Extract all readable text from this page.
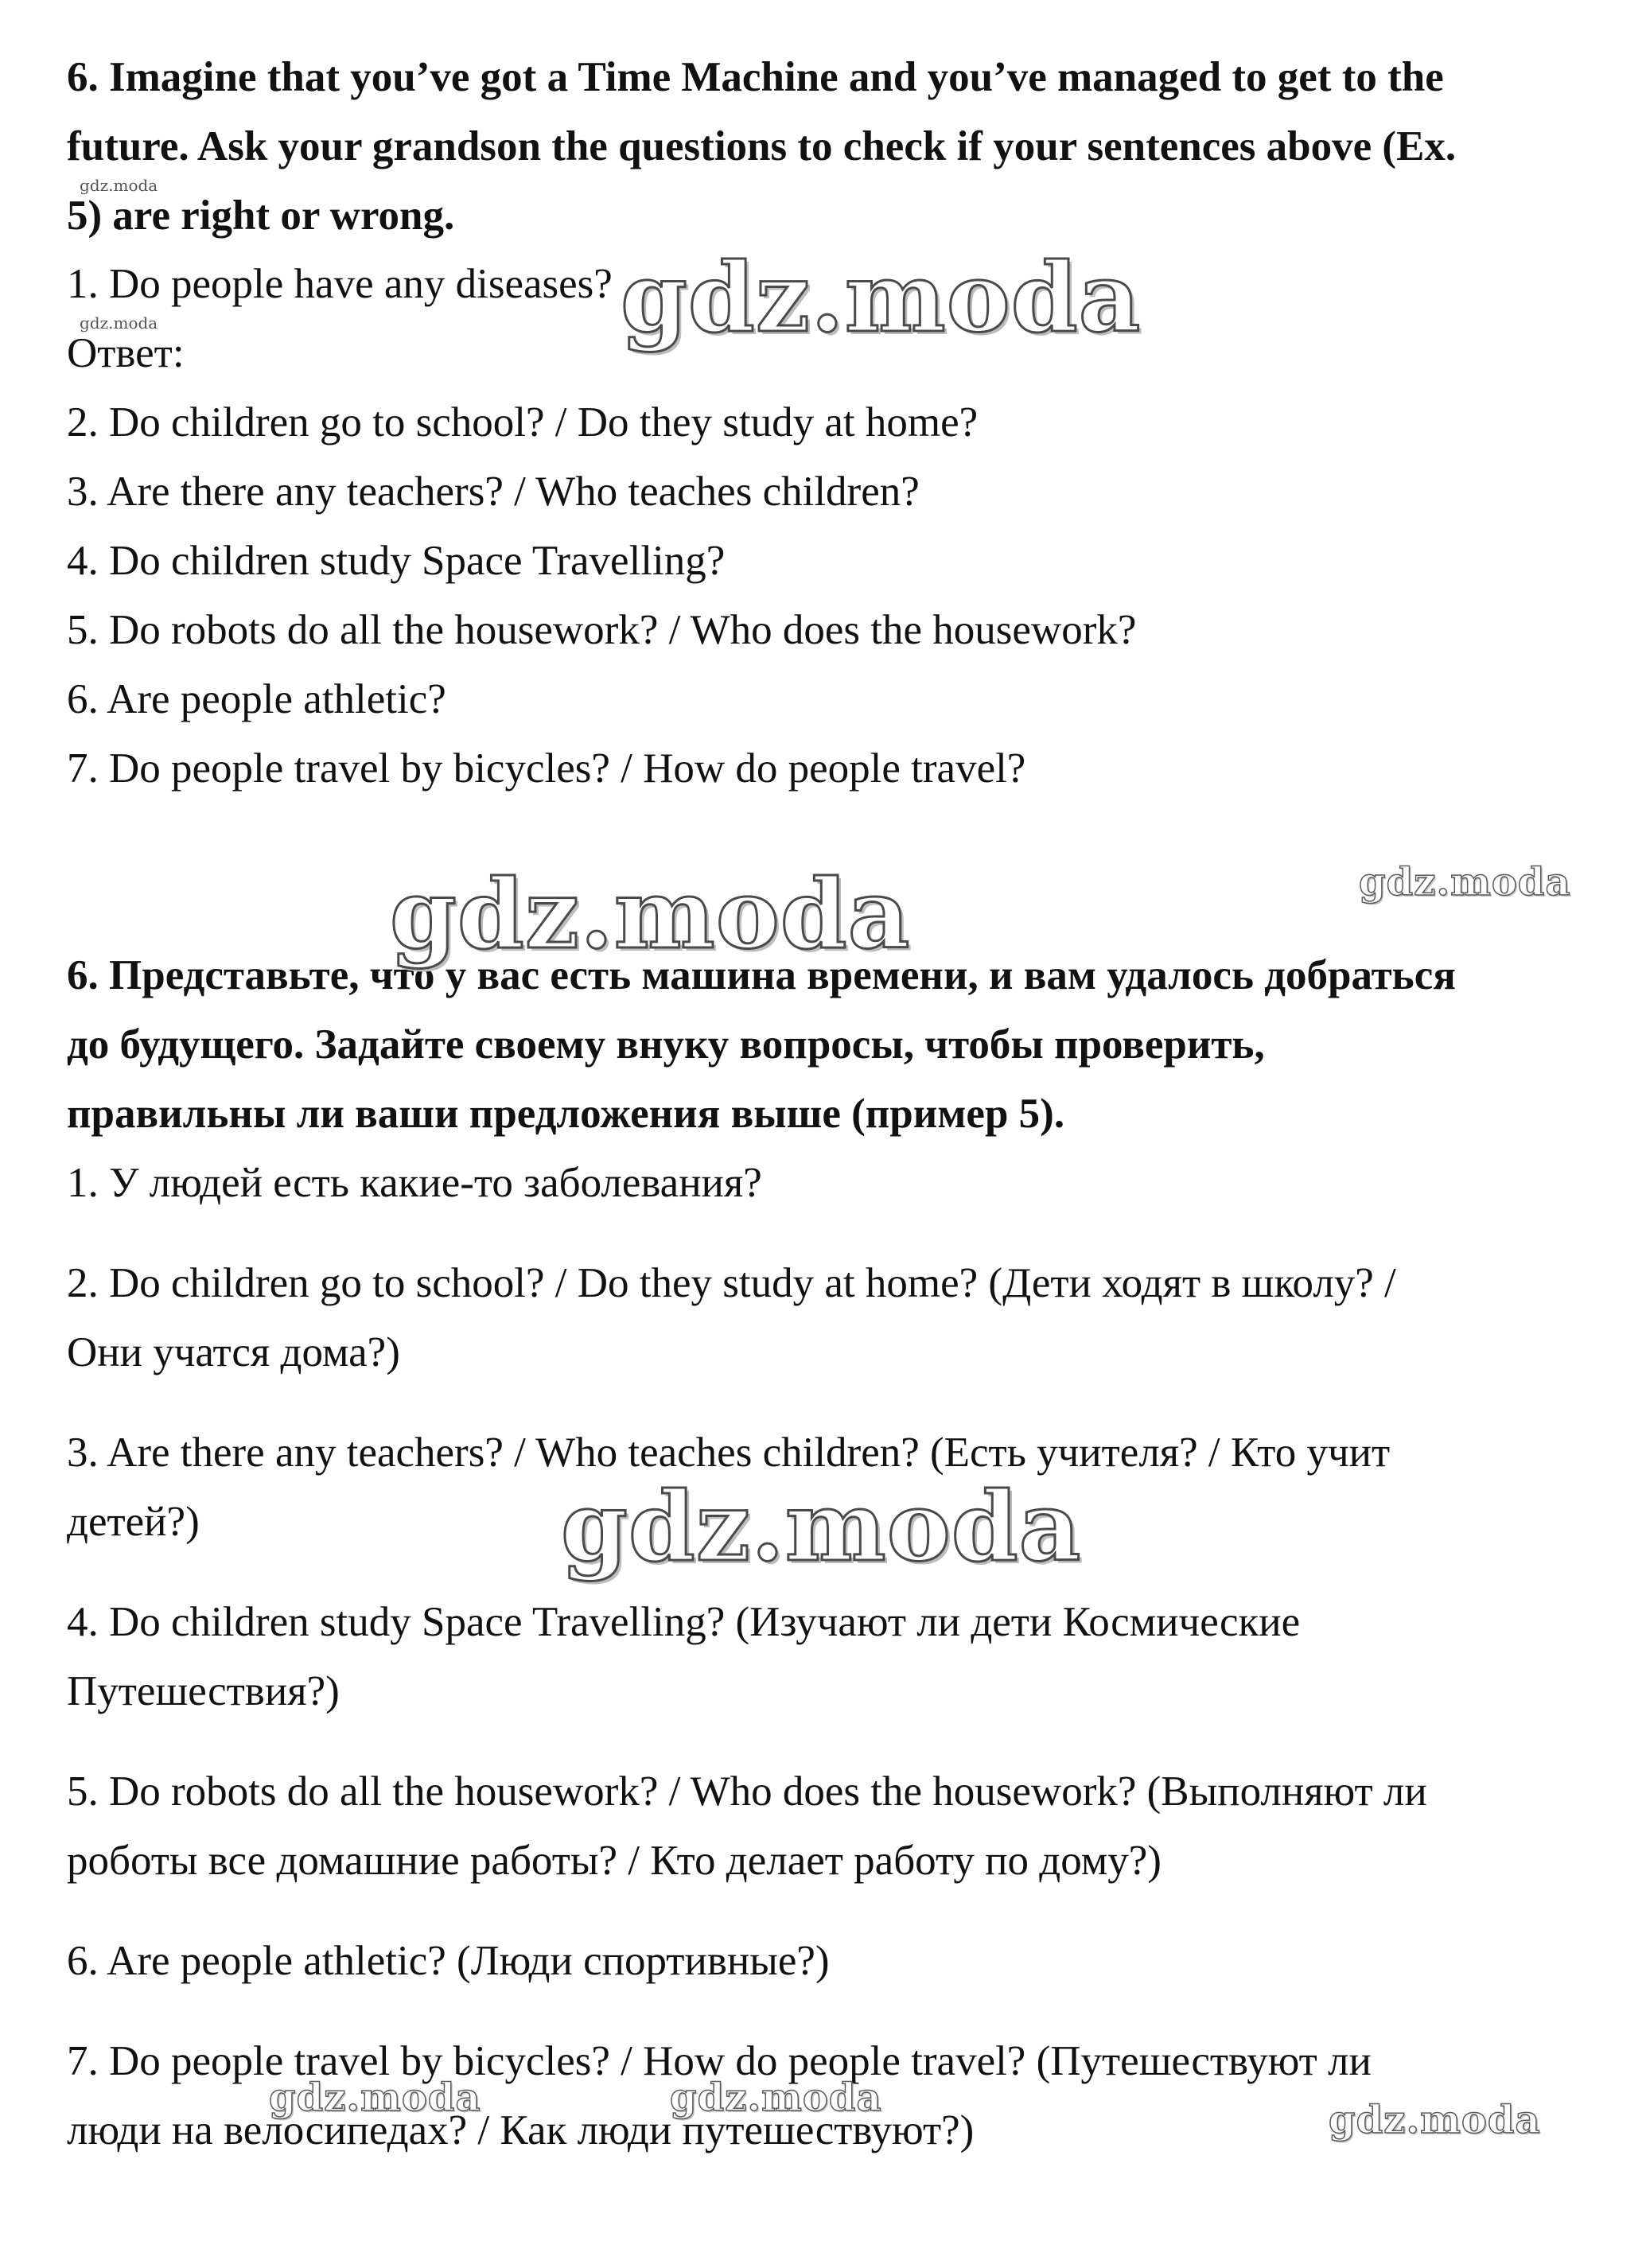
6. Imagine that you’ve got a Time Machine and you’ve managed to get to the
future. Ask your grandson the questions to check if your sentences above (Ex.
5) are right or wrong.
1. Do people have any diseases?
Ответ:
2. Do children go to school? / Do they study at home?
3. Are there any teachers? / Who teaches children?
4. Do children study Space Travelling?
5. Do robots do all the housework? / Who does the housework?
6. Are people athletic?
7. Do people travel by bicycles? / How do people travel?
6. Представьте, что у вас есть машина времени, и вам удалось добраться
до будущего. Задайте своему внуку вопросы, чтобы проверить,
правильны ли ваши предложения выше (пример 5).
1. У людей есть какие-то заболевания?
2. Do children go to school? / Do they study at home? (Дети ходят в школу? /
Они учатся дома?)
3. Are there any teachers? / Who teaches children? (Есть учителя? / Кто учит
детей?)
4. Do children study Space Travelling? (Изучают ли дети Космические
Путешествия?)
5. Do robots do all the housework? / Who does the housework? (Выполняют ли
роботы все домашние работы? / Кто делает работу по дому?)
6. Are people athletic? (Люди спортивные?)
7. Do people travel by bicycles? / How do people travel? (Путешествуют ли
люди на велосипедах? / Как люди путешествуют?)
gdz.moda
gdz.moda	gdz.moda
gdz.moda	gdz.moda
gdz.moda
gdz.moda	gdz.moda	gdz.moda
